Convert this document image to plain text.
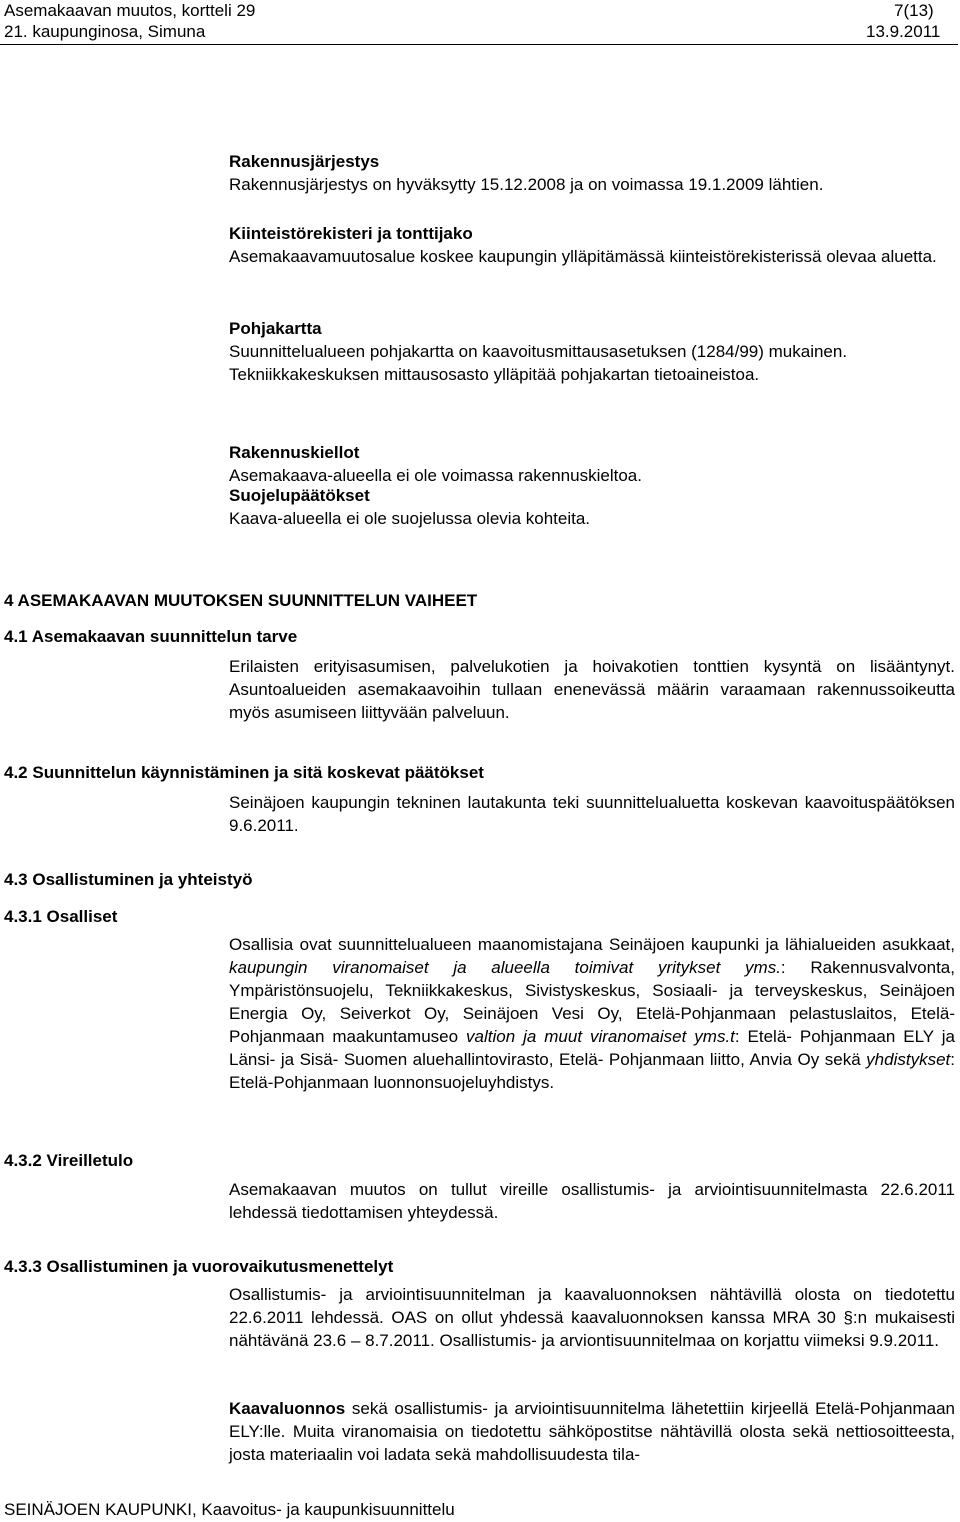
Asemakaavan muutos, kortteli 29	7(13)
21. kaupunginosa, Simuna	13.9.2011
Rakennusjärjestys
Rakennusjärjestys on hyväksytty 15.12.2008 ja on voimassa 19.1.2009 lähtien.
Kiinteistörekisteri ja tonttijako
Asemakaavamuutosalue koskee kaupungin ylläpitämässä kiinteistörekisterissä olevaa aluetta.
Pohjakartta
Suunnittelualueen pohjakartta on kaavoitusmittausasetuksen (1284/99) mukainen.
Tekniikkakeskuksen mittausosasto ylläpitää pohjakartan tietoaineistoa.
Rakennuskiellot
Asemakaava-alueella ei ole voimassa rakennuskieltoa.
Suojelupäätökset
Kaava-alueella ei ole suojelussa olevia kohteita.
4 ASEMAKAAVAN MUUTOKSEN SUUNNITTELUN VAIHEET
4.1 Asemakaavan suunnittelun tarve
Erilaisten erityisasumisen, palvelukotien ja hoivakotien tonttien kysyntä on lisääntynyt. Asuntoalueiden asemakaavoihin tullaan enenevässä määrin varaamaan rakennussoikeutta myös asumiseen liittyvään palveluun.
4.2 Suunnittelun käynnistäminen ja sitä koskevat päätökset
Seinäjoen kaupungin tekninen lautakunta teki suunnittelualuetta koskevan kaavoituspäätöksen 9.6.2011.
4.3 Osallistuminen ja yhteistyö
4.3.1 Osalliset

Osallisia ovat suunnittelualueen maanomistajana Seinäjoen kaupunki ja lähialueiden asukkaat, kaupungin viranomaiset ja alueella toimivat yritykset yms.: Rakennusvalvonta, Ympäristönsuojelu, Tekniikkakeskus, Sivistyskeskus, Sosiaali- ja terveyskeskus, Seinäjoen Energia Oy, Seiverkot Oy, Seinäjoen Vesi Oy, Etelä-Pohjanmaan pelastuslaitos, Etelä-Pohjanmaan maakuntamuseo valtion ja muut viranomaiset yms.t: Etelä- Pohjanmaan ELY ja Länsi- ja Sisä- Suomen aluehallintovirasto, Etelä- Pohjanmaan liitto, Anvia Oy sekä yhdistykset: Etelä-Pohjanmaan luonnonsuojeluyhdistys.

4.3.2 Vireilletulo
Asemakaavan muutos on tullut vireille osallistumis- ja arviointisuunnitelmasta 22.6.2011 lehdessä tiedottamisen yhteydessä.
4.3.3 Osallistuminen ja vuorovaikutusmenettelyt
Osallistumis- ja arviointisuunnitelman ja kaavaluonnoksen nähtävillä olosta on tiedotettu 22.6.2011 lehdessä. OAS on ollut yhdessä kaavaluonnoksen kanssa MRA 30 §:n mukaisesti nähtävänä 23.6 – 8.7.2011. Osallistumis- ja arviontisuunnitelmaa on korjattu viimeksi 9.9.2011.

Kaavaluonnos sekä osallistumis- ja arviointisuunnitelma lähetettiin kirjeellä Etelä-Pohjanmaan ELY:lle. Muita viranomaisia on tiedotettu sähköpostitse nähtävillä olosta sekä nettiosoitteesta, josta materiaalin voi ladata sekä mahdollisuudesta tila-

SEINÄJOEN KAUPUNKI, Kaavoitus- ja kaupunkisuunnittelu
